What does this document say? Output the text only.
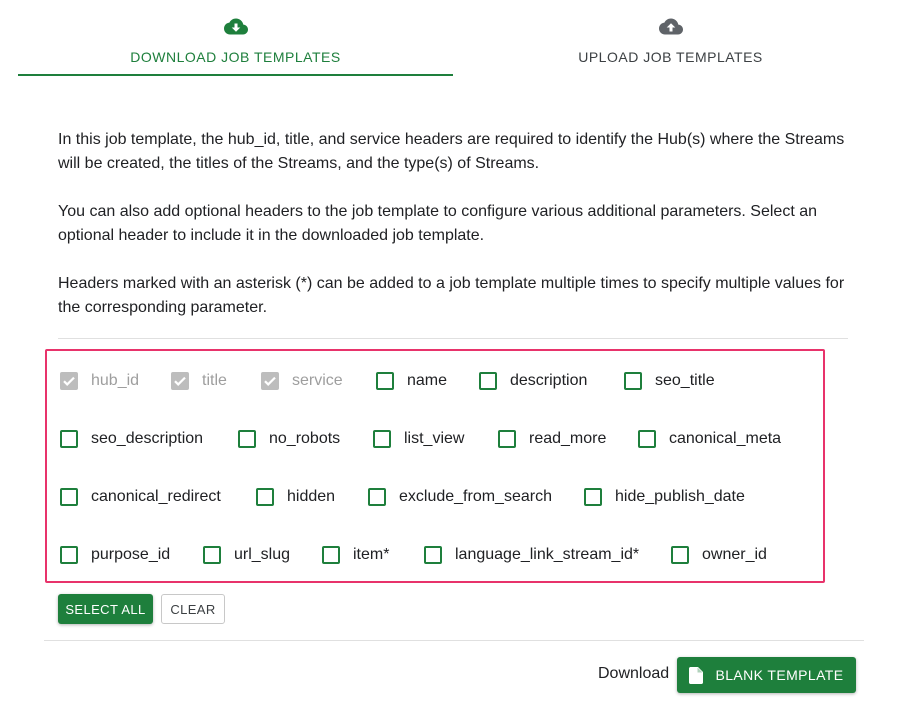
DOWNLOAD JOB TEMPLATES	UPLOAD JOB TEMPLATES

In this job template, the hub_id, title, and service headers are required to identify the Hub(s) where the Streams will be created, the titles of the Streams, and the type(s) of Streams.

You can also add optional headers to the job template to configure various additional parameters. Select an optional header to include it in the downloaded job template.

Headers marked with an asterisk (*) can be added to a job template multiple times to specify multiple values for the corresponding parameter.

hub_id	title	service	name	description	seo_title
seo_description	no_robots	list_view	read_more	canonical_meta
canonical_redirect	hidden	exclude_from_search	hide_publish_date
purpose_id	url_slug	item*	language_link_stream_id*	owner_id
SELECT ALL	CLEAR
Download	BLANK TEMPLATE
